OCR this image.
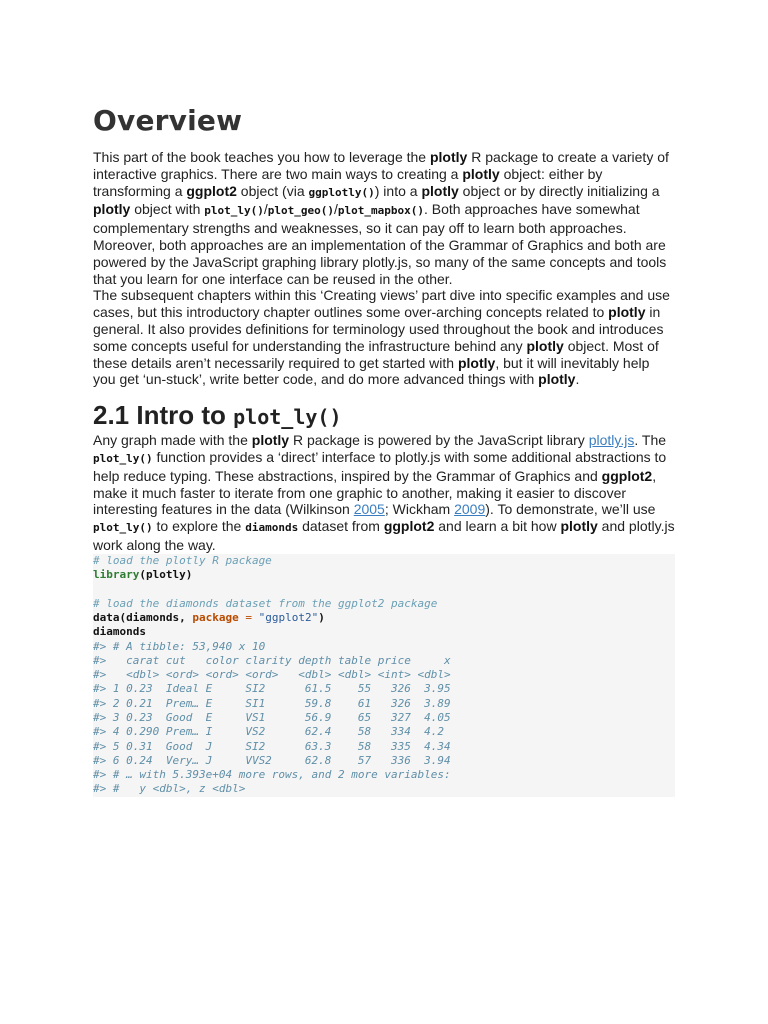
Overview

This part of the book teaches you how to leverage the plotly R package to create a variety of interactive graphics. There are two main ways to creating a plotly object: either by transforming a ggplot2 object (via ggplotly()) into a plotly object or by directly initializing a plotly object with plot_ly()/plot_geo()/plot_mapbox(). Both approaches have somewhat complementary strengths and weaknesses, so it can pay off to learn both approaches. Moreover, both approaches are an implementation of the Grammar of Graphics and both are powered by the JavaScript graphing library plotly.js, so many of the same concepts and tools that you learn for one interface can be reused in the other.

The subsequent chapters within this ‘Creating views’ part dive into specific examples and use cases, but this introductory chapter outlines some over-arching concepts related to plotly in general. It also provides definitions for terminology used throughout the book and introduces some concepts useful for understanding the infrastructure behind any plotly object. Most of these details aren’t necessarily required to get started with plotly, but it will inevitably help you get ‘un-stuck’, write better code, and do more advanced things with plotly.

2.1 Intro to plot_ly()

Any graph made with the plotly R package is powered by the JavaScript library plotly.js. The plot_ly() function provides a ‘direct’ interface to plotly.js with some additional abstractions to help reduce typing. These abstractions, inspired by the Grammar of Graphics and ggplot2, make it much faster to iterate from one graphic to another, making it easier to discover interesting features in the data (Wilkinson 2005; Wickham 2009). To demonstrate, we’ll use plot_ly() to explore the diamonds dataset from ggplot2 and learn a bit how plotly and plotly.js work along the way.

# load the plotly R package
library(plotly)

# load the diamonds dataset from the ggplot2 package
data(diamonds, package = "ggplot2")
diamonds
#> # A tibble: 53,940 x 10
#>   carat cut   color clarity depth table price     x
#>   <dbl> <ord> <ord> <ord>   <dbl> <dbl> <int> <dbl>
#> 1 0.23  Ideal E     SI2      61.5    55   326  3.95
#> 2 0.21  Prem… E     SI1      59.8    61   326  3.89
#> 3 0.23  Good  E     VS1      56.9    65   327  4.05
#> 4 0.290 Prem… I     VS2      62.4    58   334  4.2
#> 5 0.31  Good  J     SI2      63.3    58   335  4.34
#> 6 0.24  Very… J     VVS2     62.8    57   336  3.94
#> # … with 5.393e+04 more rows, and 2 more variables:
#> #   y <dbl>, z <dbl>
